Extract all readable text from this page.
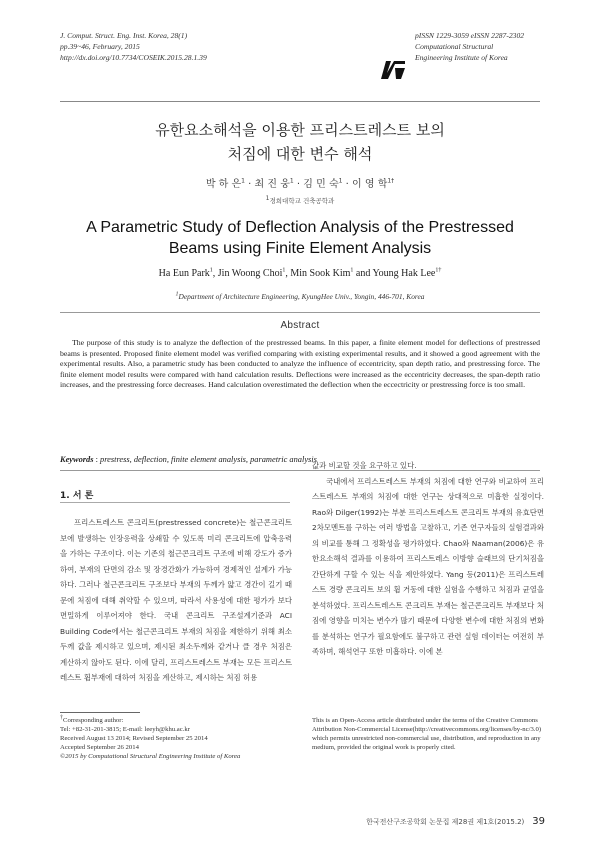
J. Comput. Struct. Eng. Inst. Korea, 28(1)
pp.39~46, February, 2015
http://dx.doi.org/10.7734/COSEIK.2015.28.1.39
pISSN 1229-3059 eISSN 2287-2302
Computational Structural
Engineering Institute of Korea
유한요소해석을 이용한 프리스트레스트 보의
처짐에 대한 변수 해석
박 하 은$^1$ · 최 진 웅$^1$ · 김 민 숙$^1$ · 이 영 학$^{1\dagger}$
$^1$경희대학교 건축공학과
A Parametric Study of Deflection Analysis of the Prestressed
Beams using Finite Element Analysis
Ha Eun Park$^1$, Jin Woong Choi$^1$, Min Sook Kim$^1$ and Young Hak Lee$^{1\dagger}$
$^1$Department of Architecture Engineering, KyungHee Univ., Yongin, 446-701, Korea
Abstract
The purpose of this study is to analyze the deflection of the prestressed beams. In this paper, a finite element model for deflections of prestressed beams is presented. Proposed finite element model was verified comparing with existing experimental results, and it showed a good agreement with the experimental results. Also, a parametric study has been conducted to analyze the influence of eccentricity, span depth ratio, and prestressing force. The finite element model results were compared with hand calculation results. Deflections were increased as the eccentricity decreases, the span-depth ratio increases, and the prestressing force decreases. Hand calculation overestimated the deflection when the eccectricity or prestressing force is too small.
Keywords : prestress, deflection, finite element analysis, parametric analysis
1. 서 론

프리스트레스트 콘크리트(prestressed concrete)는 철근콘크리트 보에 발생하는 인장응력을 상쇄할 수 있도록 미리 콘크리트에 압축응력을 가하는 구조이다. 이는 기존의 철근콘크리트 구조에 비해 강도가 증가하여, 부재의 단면의 감소 및 장경간화가 가능하여 경제적인 설계가 가능하다. 그러나 철근콘크리트 구조보다 부재의 두께가 얇고 경간이 길기 때문에 처짐에 대해 취약할 수 있으며, 따라서 사용성에 대한 평가가 보다 면밀하게 이루어져야 한다. 국내 콘크리트 구조설계기준과 ACI Building Code에서는 철근콘크리트 부재의 처짐을 제한하기 위해 최소두께 값을 제시하고 있으며, 제시된 최소두께와 같거나 클 경우 처짐은 계산하지 않아도 된다. 이에 달리, 프리스트레스트 부재는 모든 프리스트레스트 휨부재에 대하여 처짐을 계산하고, 제시하는 처짐 허용

값과 비교할 것을 요구하고 있다.

국내에서 프리스트레스트 부재의 처짐에 대한 연구와 비교하여 프리스트레스트 부재의 처짐에 대한 연구는 상대적으로 미흡한 실정이다. Rao와 Dilger(1992)는 부분 프리스트레스트 콘크리트 부재의 유효단면2차모멘트를 구하는 여러 방법을 고찰하고, 기존 연구자들의 실험결과와의 비교를 통해 그 정확성을 평가하였다. Chao와 Naaman(2006)은 유한요소해석 결과를 이용하여 프리스트레스 이방향 슬래브의 단기처짐을 간단하게 구할 수 있는 식을 제안하였다. Yang 등(2011)은 프리스트레스트 경량 콘크리트 보의 휨 거동에 대한 실험을 수행하고 처짐과 균열을 분석하였다. 프리스트레스트 콘크리트 부재는 철근콘크리트 부재보다 처짐에 영향을 미치는 변수가 많기 때문에 다양한 변수에 대한 처짐의 변화를 분석하는 연구가 필요함에도 불구하고 관련 실험 데이터는 여전히 부족하며, 해석연구 또한 미흡하다. 이에 본

†Corresponding author:
Tel: +82-31-201-3815; E-mail: leeyh@khu.ac.kr
Received August 13 2014; Revised September 25 2014
Accepted September 26 2014
©2015 by Computational Structural Engineering Institute of Korea
This is an Open-Access article distributed under the terms of the Creative Commons Attribution Non-Commercial License(http://creativecommons.org/licenses/by-nc/3.0) which permits unrestricted non-commercial use, distribution, and reproduction in any medium, provided the original work is properly cited.
한국전산구조공학회 논문집 제28권 제1호(2015.2) 39
